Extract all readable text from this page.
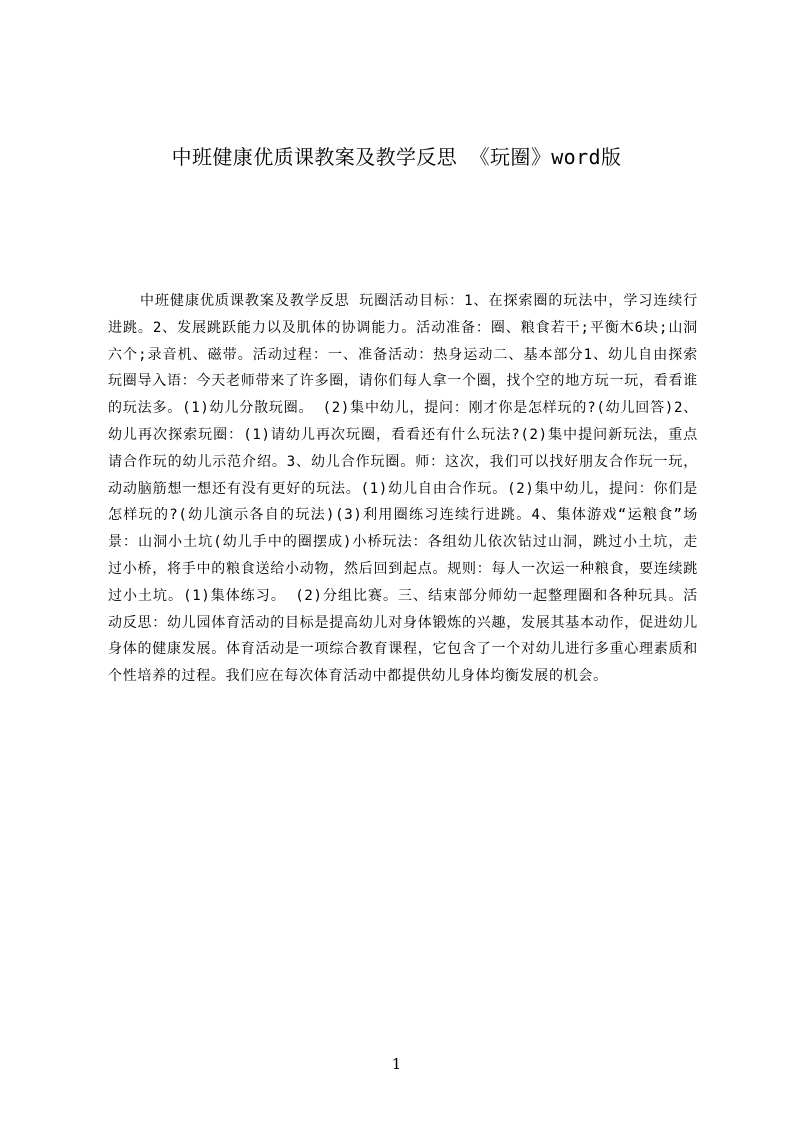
中班健康优质课教案及教学反思 《玩圈》word版

中班健康优质课教案及教学反思 玩圈活动目标：1、在探索圈的玩法中，学习连续行进跳。2、发展跳跃能力以及肌体的协调能力。活动准备：圈、粮食若干;平衡木6块;山洞六个;录音机、磁带。活动过程：一、准备活动：热身运动二、基本部分1、幼儿自由探索玩圈导入语：今天老师带来了许多圈，请你们每人拿一个圈，找个空的地方玩一玩，看看谁的玩法多。(1)幼儿分散玩圈。 (2)集中幼儿，提问：刚才你是怎样玩的?(幼儿回答)2、幼儿再次探索玩圈：(1)请幼儿再次玩圈，看看还有什么玩法?(2)集中提问新玩法，重点请合作玩的幼儿示范介绍。3、幼儿合作玩圈。师：这次，我们可以找好朋友合作玩一玩，动动脑筋想一想还有没有更好的玩法。(1)幼儿自由合作玩。(2)集中幼儿，提问：你们是怎样玩的?(幼儿演示各自的玩法)(3)利用圈练习连续行进跳。4、集体游戏“运粮食”场景：山洞小土坑(幼儿手中的圈摆成)小桥玩法：各组幼儿依次钻过山洞，跳过小土坑，走过小桥，将手中的粮食送给小动物，然后回到起点。规则：每人一次运一种粮食，要连续跳过小土坑。(1)集体练习。 (2)分组比赛。三、结束部分师幼一起整理圈和各种玩具。活动反思：幼儿园体育活动的目标是提高幼儿对身体锻炼的兴趣，发展其基本动作，促进幼儿身体的健康发展。体育活动是一项综合教育课程，它包含了一个对幼儿进行多重心理素质和个性培养的过程。我们应在每次体育活动中都提供幼儿身体均衡发展的机会。

1
